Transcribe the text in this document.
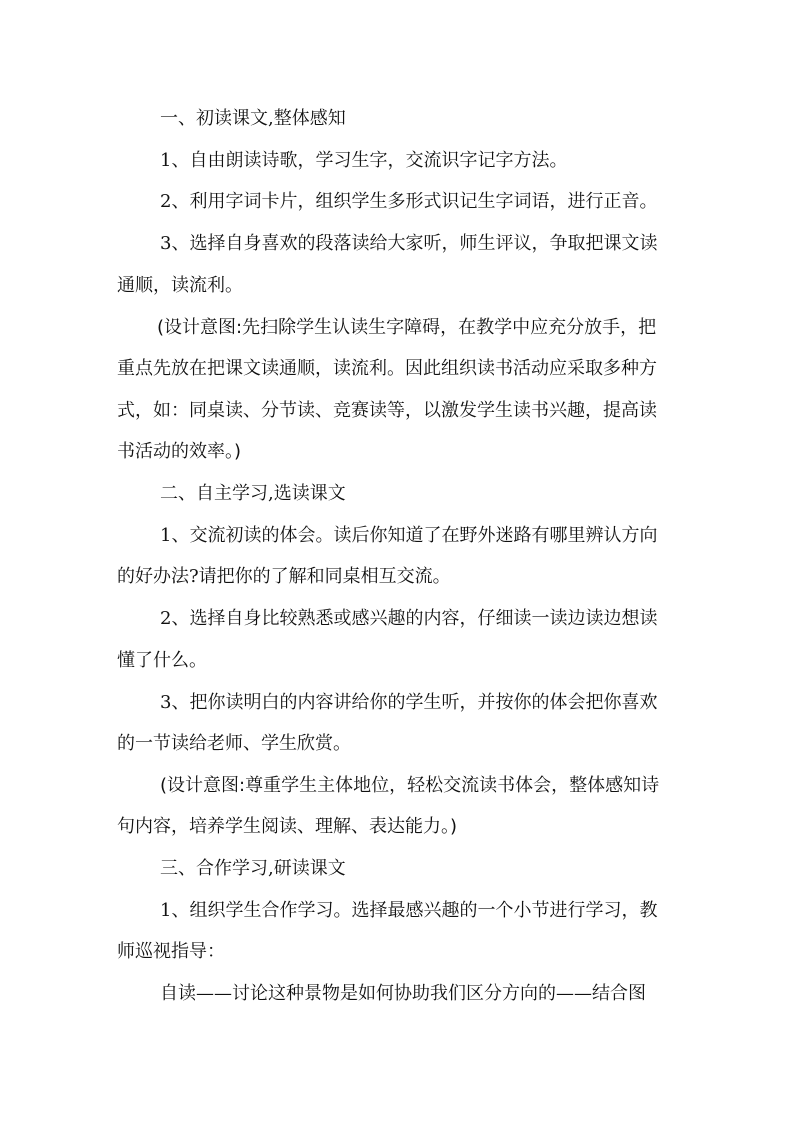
一、初读课文,整体感知
1、自由朗读诗歌，学习生字，交流识字记字方法。
2、利用字词卡片，组织学生多形式识记生字词语，进行正音。
3、选择自身喜欢的段落读给大家听，师生评议，争取把课文读
通顺，读流利。
(设计意图:先扫除学生认读生字障碍，在教学中应充分放手，把
重点先放在把课文读通顺，读流利。因此组织读书活动应采取多种方
式，如：同桌读、分节读、竞赛读等，以激发学生读书兴趣，提高读
书活动的效率。)
二、自主学习,选读课文
1、交流初读的体会。读后你知道了在野外迷路有哪里辨认方向
的好办法?请把你的了解和同桌相互交流。
2、选择自身比较熟悉或感兴趣的内容，仔细读一读边读边想读
懂了什么。
3、把你读明白的内容讲给你的学生听，并按你的体会把你喜欢
的一节读给老师、学生欣赏。
(设计意图:尊重学生主体地位，轻松交流读书体会，整体感知诗
句内容，培养学生阅读、理解、表达能力。)
三、合作学习,研读课文
1、组织学生合作学习。选择最感兴趣的一个小节进行学习，教
师巡视指导：
自读——讨论这种景物是如何协助我们区分方向的——结合图
